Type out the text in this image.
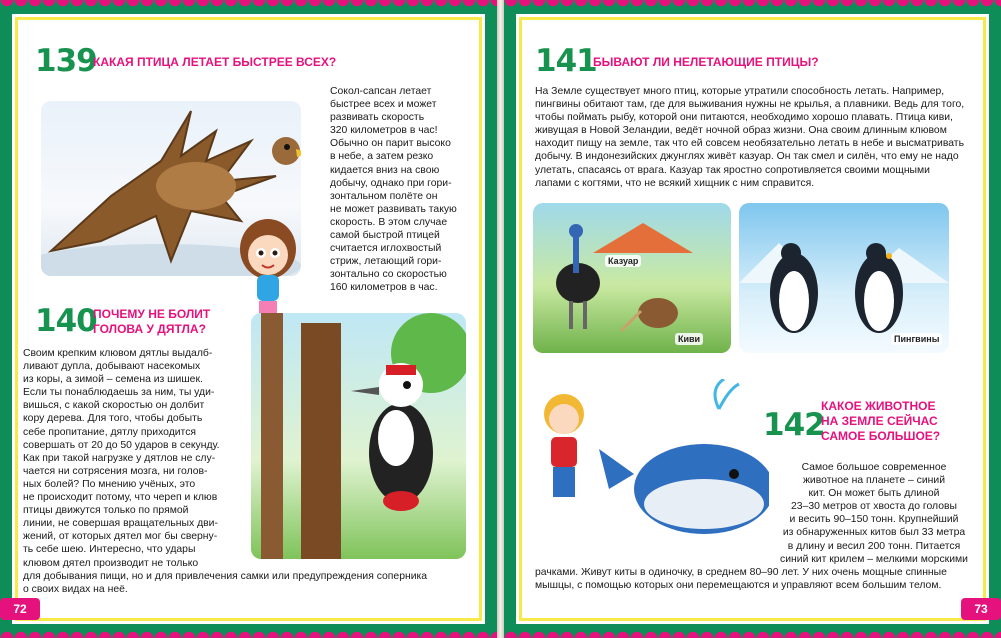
139
КАКАЯ ПТИЦА ЛЕТАЕТ БЫСТРЕЕ ВСЕХ?
Сокол-сапсан летает
быстрее всех и может
развивать скорость
320 километров в час!
Обычно он парит высоко
в небе, а затем резко
кидается вниз на свою
добычу, однако при гори-
зонтальном полёте он
не может развивать такую
скорость. В этом случае
самой быстрой птицей
считается иглохвостый
стриж, летающий гори-
зонтально со скоростью
160 километров в час.
140
ПОЧЕМУ НЕ БОЛИТ
ГОЛОВА У ДЯТЛА?
Своим крепким клювом дятлы выдалб-
ливают дупла, добывают насекомых
из коры, а зимой – семена из шишек.
Если ты понаблюдаешь за ним, ты уди-
вишься, с какой скоростью он долбит
кору дерева. Для того, чтобы добыть
себе пропитание, дятлу приходится
совершать от 20 до 50 ударов в секунду.
Как при такой нагрузке у дятлов не слу-
чается ни сотрясения мозга, ни голов-
ных болей? По мнению учёных, это
не происходит потому, что череп и клюв
птицы движутся только по прямой
линии, не совершая вращательных дви-
жений, от которых дятел мог бы сверну-
ть себе шею. Интересно, что удары
клювом дятел производит не только
для добывания пищи, но и для привлечения самки или предупреждения соперника
о своих видах на неё.
72
141
БЫВАЮТ ЛИ НЕЛЕТАЮЩИЕ ПТИЦЫ?
На Земле существует много птиц, которые утратили способность летать. Например,
пингвины обитают там, где для выживания нужны не крылья, а плавники. Ведь для того,
чтобы поймать рыбу, которой они питаются, необходимо хорошо плавать. Птица киви,
живущая в Новой Зеландии, ведёт ночной образ жизни. Она своим длинным клювом
находит пищу на земле, так что ей совсем необязательно летать в небе и высматривать
добычу. В индонезийских джунглях живёт казуар. Он так смел и силён, что ему не надо
улетать, спасаясь от врага. Казуар так яростно сопротивляется своими мощными
лапами с когтями, что не всякий хищник с ним справится.
Казуар
Киви	Пингвины
142
КАКОЕ ЖИВОТНОЕ
НА ЗЕМЛЕ СЕЙЧАС
САМОЕ БОЛЬШОЕ?
Самое большое современное
животное на планете – синий
кит. Он может быть длиной
23–30 метров от хвоста до головы
и весить 90–150 тонн. Крупнейший
из обнаруженных китов был 33 метра
в длину и весил 200 тонн. Питается
синий кит крилем – мелкими морскими
рачками. Живут киты в одиночку, в среднем 80–90 лет. У них очень мощные спинные
мышцы, с помощью которых они перемещаются и управляют всем большим телом.
73
